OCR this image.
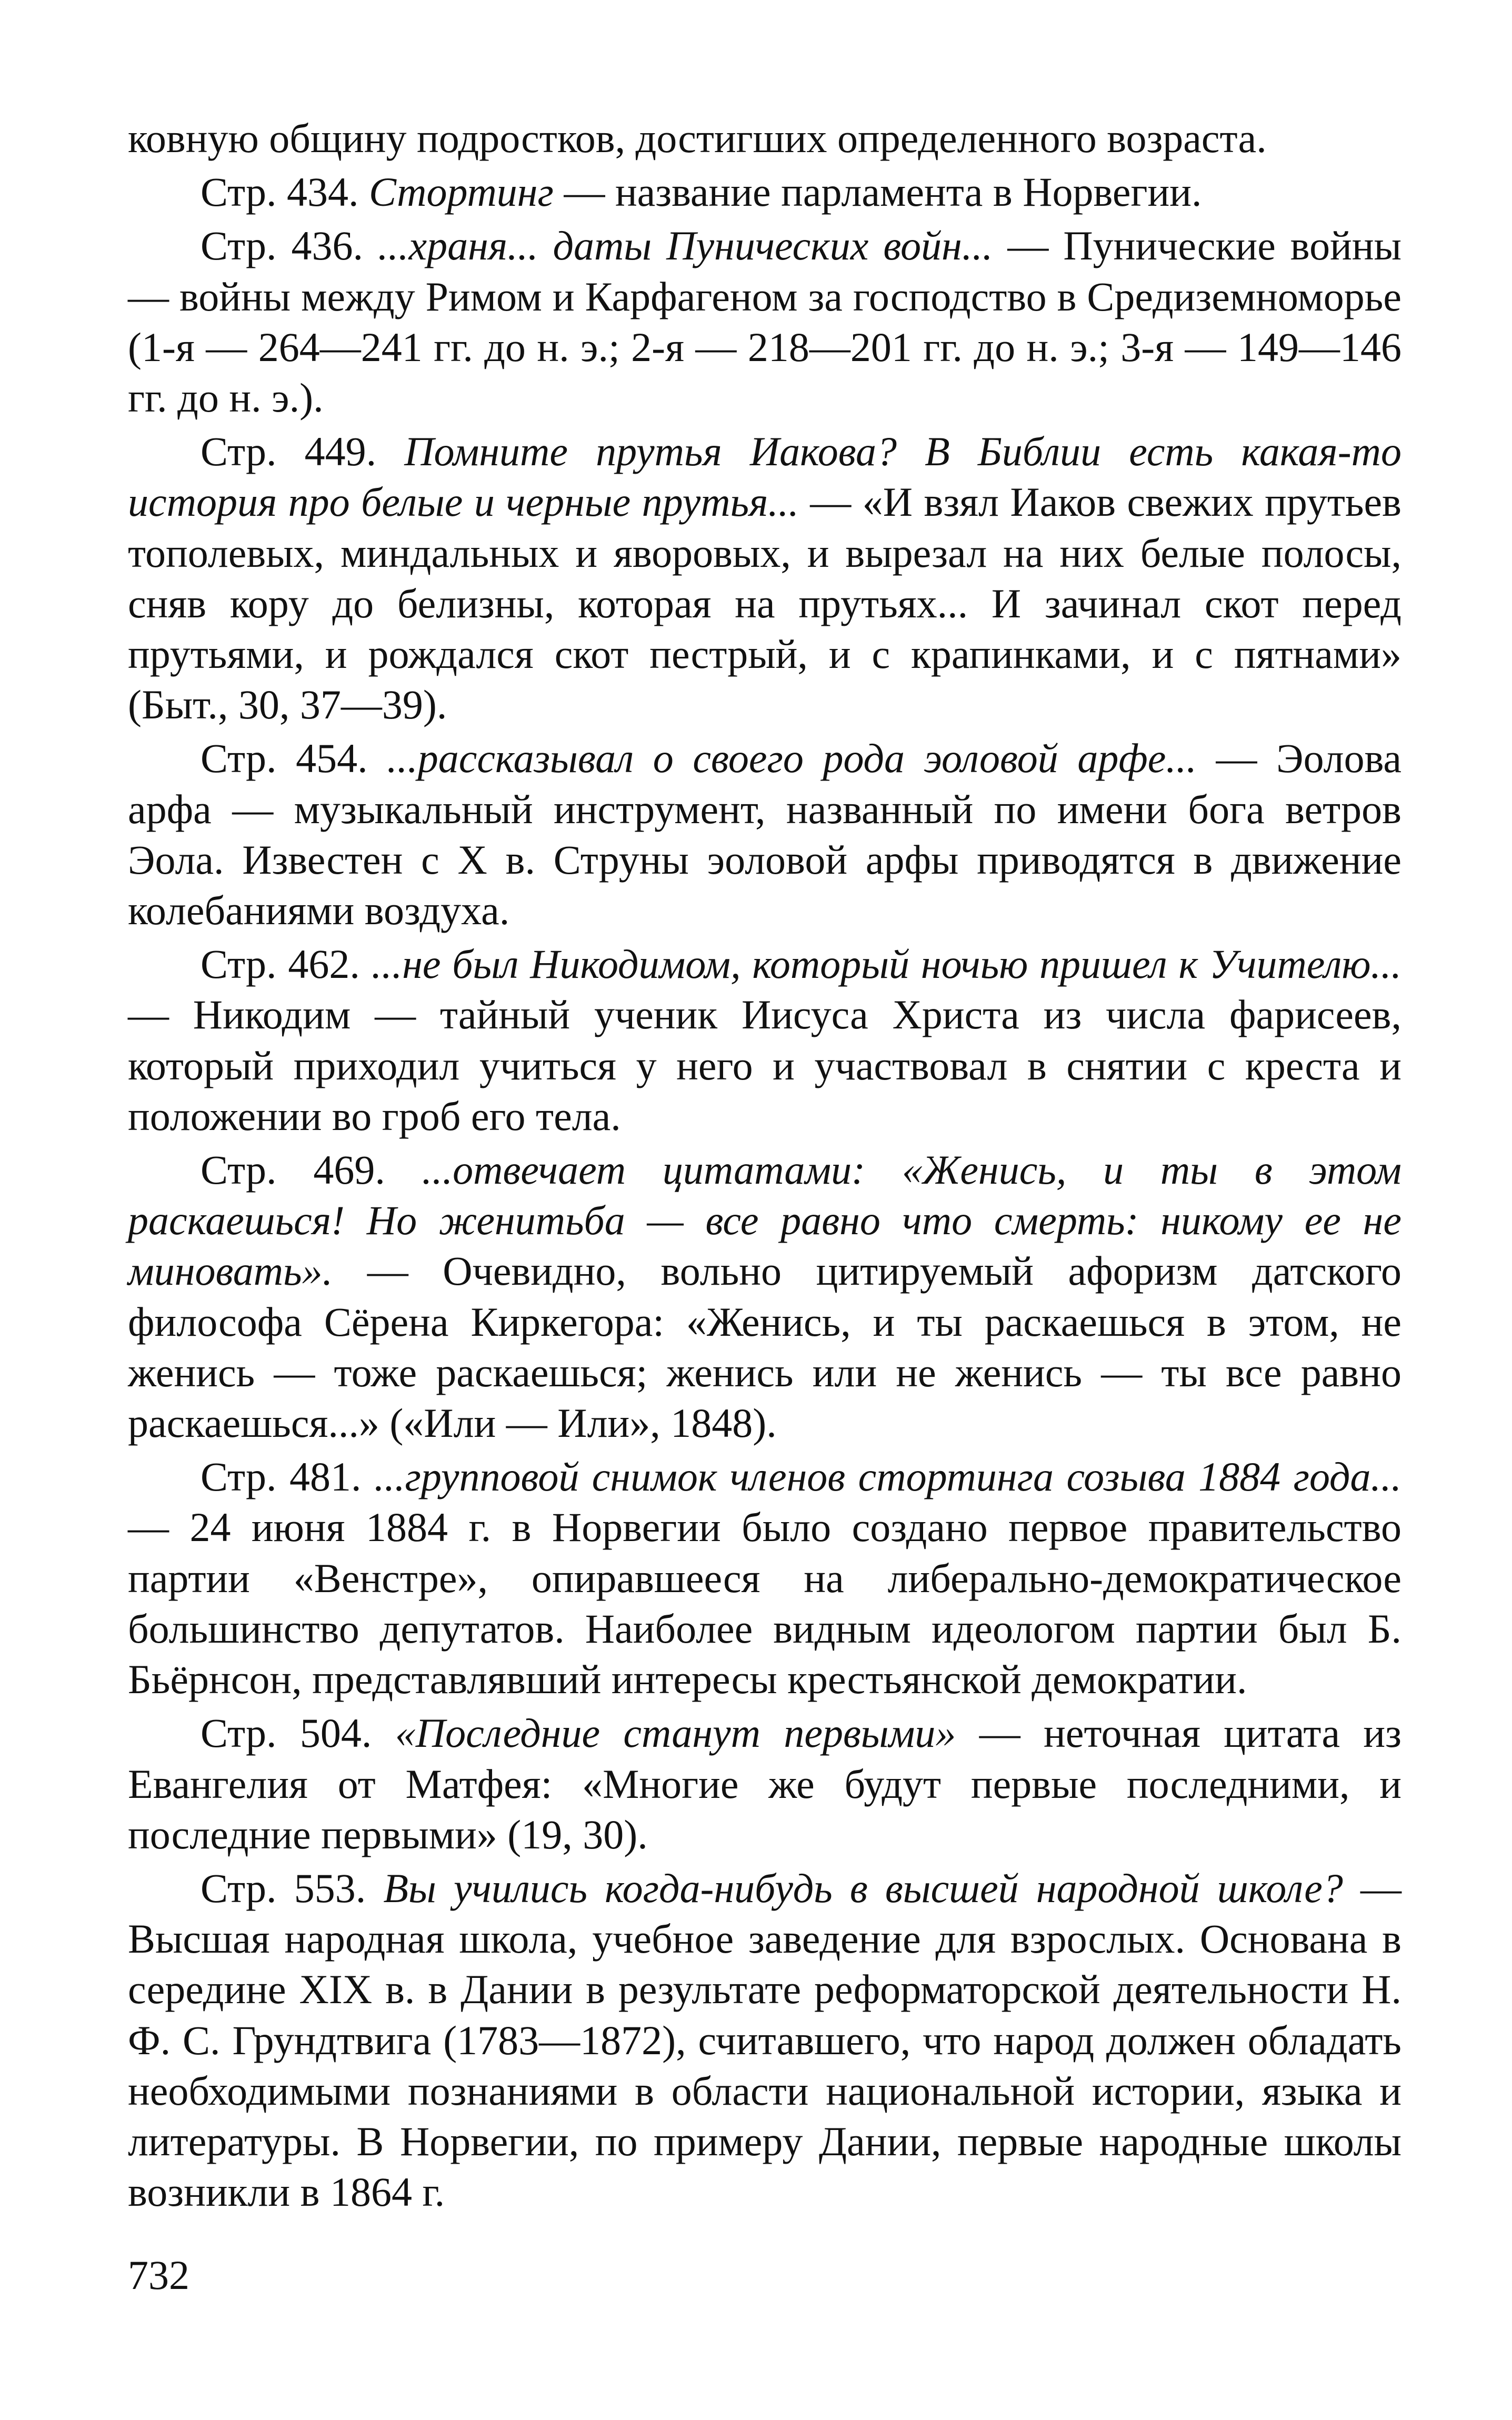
ковную общину подростков, достигших определенного возраста.

Стр. 434. Стортинг — название парламента в Норвегии.

Стр. 436. ...храня... даты Пунических войн... — Пунические войны — войны между Римом и Карфагеном за господство в Средиземноморье (1-я — 264—241 гг. до н. э.; 2-я — 218—201 гг. до н. э.; 3-я — 149—146 гг. до н. э.).

Стр. 449. Помните прутья Иакова? В Библии есть какая-то история про белые и черные прутья... — «И взял Иаков свежих прутьев тополевых, миндальных и яворовых, и вырезал на них белые полосы, сняв кору до белизны, которая на прутьях... И зачинал скот перед прутьями, и рождался скот пестрый, и с крапинками, и с пятнами» (Быт., 30, 37—39).

Стр. 454. ...рассказывал о своего рода эоловой арфе... — Эолова арфа — музыкальный инструмент, названный по имени бога ветров Эола. Известен с X в. Струны эоловой арфы приводятся в движение колебаниями воздуха.

Стр. 462. ...не был Никодимом, который ночью пришел к Учителю... — Никодим — тайный ученик Иисуса Христа из числа фарисеев, который приходил учиться у него и участвовал в снятии с креста и положении во гроб его тела.

Стр. 469. ...отвечает цитатами: «Женись, и ты в этом раскаешься! Но женитьба — все равно что смерть: никому ее не миновать». — Очевидно, вольно цитируемый афоризм датского философа Сёрена Киркегора: «Женись, и ты раскаешься в этом, не женись — тоже раскаешься; женись или не женись — ты все равно раскаешься...» («Или — Или», 1848).

Стр. 481. ...групповой снимок членов стортинга созыва 1884 года... — 24 июня 1884 г. в Норвегии было создано первое правительство партии «Венстре», опиравшееся на либерально-демократическое большинство депутатов. Наиболее видным идеологом партии был Б. Бьёрнсон, представлявший интересы крестьянской демократии.

Стр. 504. «Последние станут первыми» — неточная цитата из Евангелия от Матфея: «Многие же будут первые последними, и последние первыми» (19, 30).

Стр. 553. Вы учились когда-нибудь в высшей народной школе? — Высшая народная школа, учебное заведение для взрослых. Основана в середине XIX в. в Дании в результате реформаторской деятельности Н. Ф. С. Грундтвига (1783—1872), считавшего, что народ должен обладать необходимыми познаниями в области национальной истории, языка и литературы. В Норвегии, по примеру Дании, первые народные школы возникли в 1864 г.

732
